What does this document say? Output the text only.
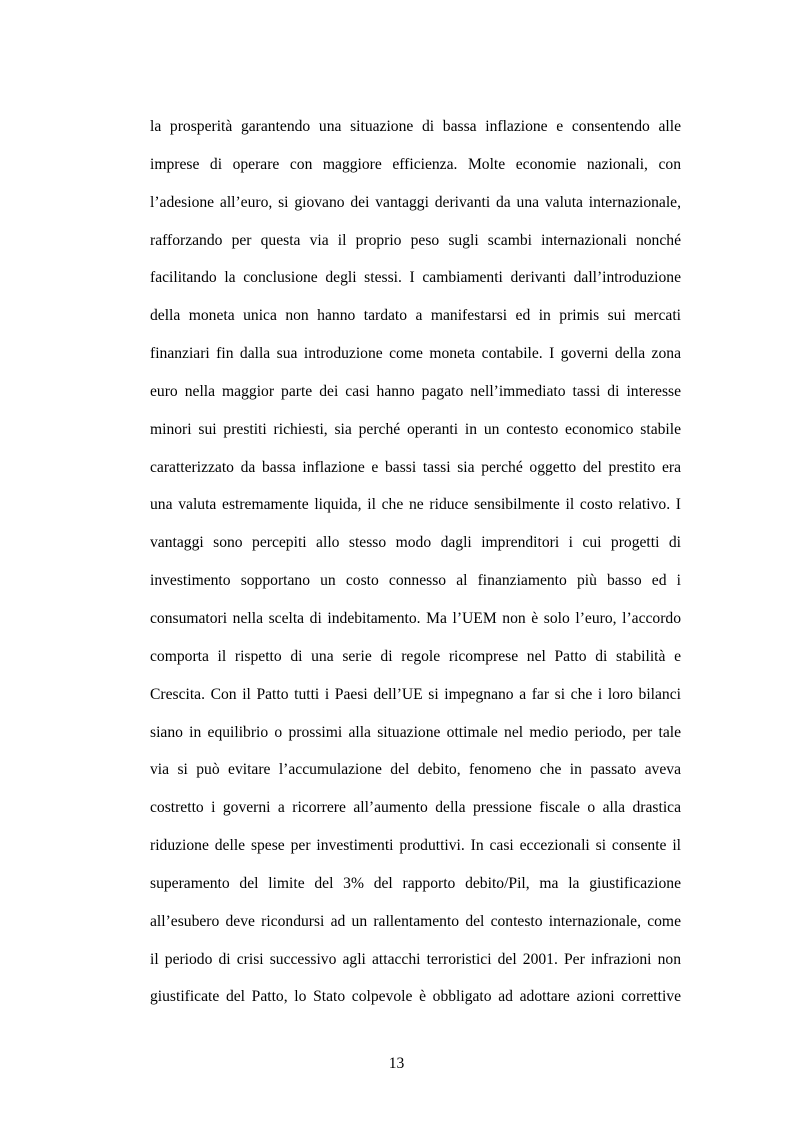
la prosperità garantendo una situazione di bassa inflazione e consentendo alle
imprese di operare con maggiore efficienza. Molte economie nazionali, con
l’adesione all’euro, si giovano dei vantaggi derivanti da una valuta internazionale,
rafforzando per questa via il proprio peso sugli scambi internazionali nonché
facilitando la conclusione degli stessi. I cambiamenti derivanti dall’introduzione
della moneta unica non hanno tardato a manifestarsi ed in primis sui mercati
finanziari fin dalla sua introduzione come moneta contabile. I governi della zona
euro nella maggior parte dei casi hanno pagato nell’immediato tassi di interesse
minori sui prestiti richiesti, sia perché operanti in un contesto economico stabile
caratterizzato da bassa inflazione e bassi tassi sia perché oggetto del prestito era
una valuta estremamente liquida, il che ne riduce sensibilmente il costo relativo. I
vantaggi sono percepiti allo stesso modo dagli imprenditori i cui progetti di
investimento sopportano un costo connesso al finanziamento più basso ed i
consumatori nella scelta di indebitamento. Ma l’UEM non è solo l’euro, l’accordo
comporta il rispetto di una serie di regole ricomprese nel Patto di stabilità e
Crescita. Con il Patto tutti i Paesi dell’UE si impegnano a far si che i loro bilanci
siano in equilibrio o prossimi alla situazione ottimale nel medio periodo, per tale
via si può evitare l’accumulazione del debito, fenomeno che in passato aveva
costretto i governi a ricorrere all’aumento della pressione fiscale o alla drastica
riduzione delle spese per investimenti produttivi. In casi eccezionali si consente il
superamento del limite del 3% del rapporto debito/Pil, ma la giustificazione
all’esubero deve ricondursi ad un rallentamento del contesto internazionale, come
il periodo di crisi successivo agli attacchi terroristici del 2001. Per infrazioni non
giustificate del Patto, lo Stato colpevole è obbligato ad adottare azioni correttive
13
